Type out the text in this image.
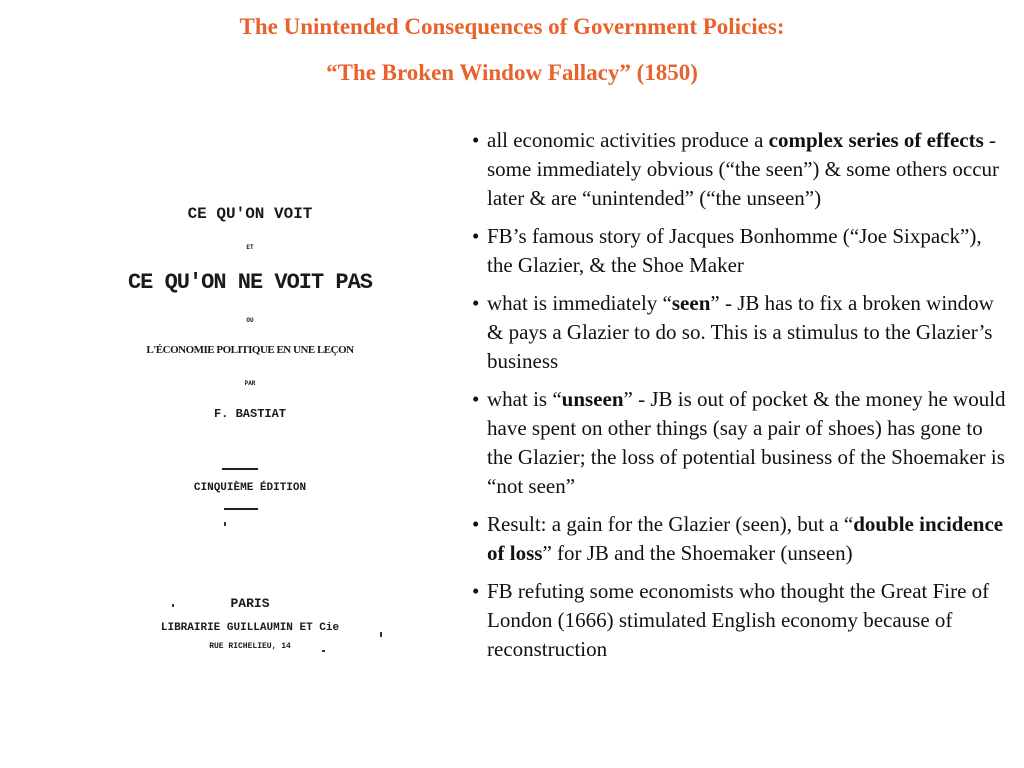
The Unintended Consequences of Government Policies:
“The Broken Window Fallacy” (1850)
CE QU'ON VOIT
ET
CE QU'ON NE VOIT PAS
OU
L'ÉCONOMIE POLITIQUE EN UNE LEÇON
PAR
F. BASTIAT
CINQUIÈME ÉDITION
PARIS
LIBRAIRIE GUILLAUMIN ET Cie
RUE RICHELIEU, 14
• all economic activities produce a complex series of effects - some immediately obvious (“the seen”) & some others occur later & are “unintended” (“the unseen”)
• FB’s famous story of Jacques Bonhomme (“Joe Sixpack”), the Glazier, & the Shoe Maker
• what is immediately “seen” - JB has to fix a broken window & pays a Glazier to do so. This is a stimulus to the Glazier’s business
• what is “unseen” - JB is out of pocket & the money he would have spent on other things (say a pair of shoes) has gone to the Glazier; the loss of potential business of the Shoemaker is “not seen”
• Result: a gain for the Glazier (seen), but a “double incidence of loss” for JB and the Shoemaker (unseen)
• FB refuting some economists who thought the Great Fire of London (1666) stimulated English economy because of reconstruction
